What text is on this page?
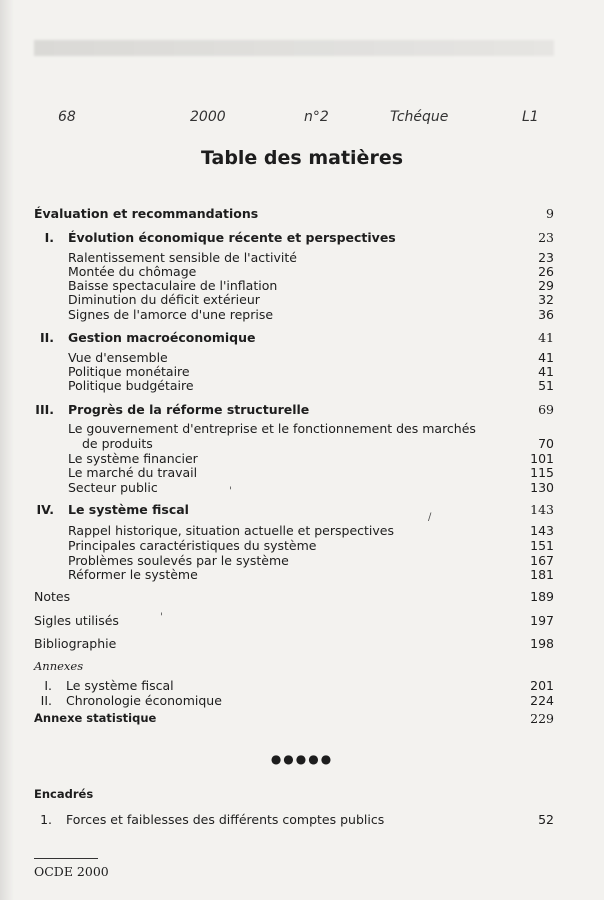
68	2000	n°2	Tchéque	L1
Table des matières
Évaluation et recommandations	9
I. Évolution économique récente et perspectives	23
Ralentissement sensible de l'activité	23
Montée du chômage	26
Baisse spectaculaire de l'inflation	29
Diminution du déficit extérieur	32
Signes de l'amorce d'une reprise	36
II. Gestion macroéconomique	41
Vue d'ensemble	41
Politique monétaire	41
Politique budgétaire	51
III. Progrès de la réforme structurelle	69
Le gouvernement d'entreprise et le fonctionnement des marchés
de produits	70
Le système financier	101
Le marché du travail	115
Secteur public	130
IV. Le système fiscal	143
Rappel historique, situation actuelle et perspectives	143
Principales caractéristiques du système	151
Problèmes soulevés par le système	167
Réformer le système	181
Notes	189
Sigles utilisés	197
Bibliographie	198
Annexes
I. Le système fiscal	201
II. Chronologie économique	224
Annexe statistique	229
●●●●●
Encadrés
1. Forces et faiblesses des différents comptes publics	52
OCDE 2000
'
/
'
